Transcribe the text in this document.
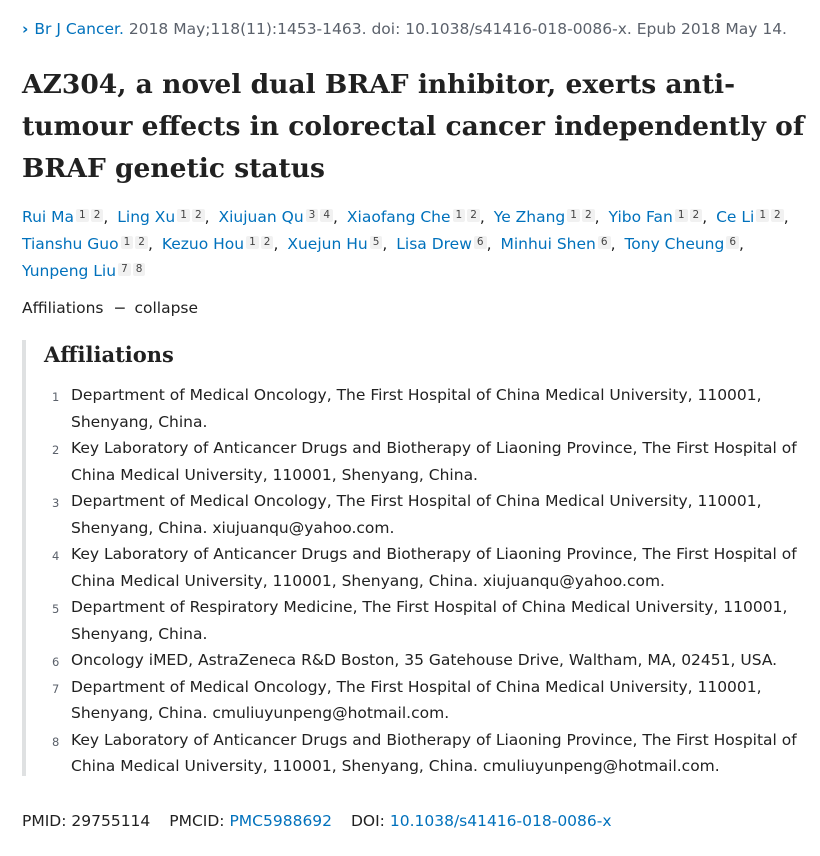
› Br J Cancer. 2018 May;118(11):1453-1463. doi: 10.1038/s41416-018-0086-x. Epub 2018 May 14.
AZ304, a novel dual BRAF inhibitor, exerts anti-tumour effects in colorectal cancer independently of BRAF genetic status
Rui Ma 1 2 , Ling Xu 1 2 , Xiujuan Qu 3 4 , Xiaofang Che 1 2 , Ye Zhang 1 2 , Yibo Fan 1 2 , Ce Li 1 2 , Tianshu Guo 1 2 , Kezuo Hou 1 2 , Xuejun Hu 5 , Lisa Drew 6 , Minhui Shen 6 , Tony Cheung 6 , Yunpeng Liu 7 8
Affiliations − collapse
Affiliations
1 Department of Medical Oncology, The First Hospital of China Medical University, 110001, Shenyang, China.
2 Key Laboratory of Anticancer Drugs and Biotherapy of Liaoning Province, The First Hospital of China Medical University, 110001, Shenyang, China.
3 Department of Medical Oncology, The First Hospital of China Medical University, 110001, Shenyang, China. xiujuanqu@yahoo.com.
4 Key Laboratory of Anticancer Drugs and Biotherapy of Liaoning Province, The First Hospital of China Medical University, 110001, Shenyang, China. xiujuanqu@yahoo.com.
5 Department of Respiratory Medicine, The First Hospital of China Medical University, 110001, Shenyang, China.
6 Oncology iMED, AstraZeneca R&D Boston, 35 Gatehouse Drive, Waltham, MA, 02451, USA.
7 Department of Medical Oncology, The First Hospital of China Medical University, 110001, Shenyang, China. cmuliuyunpeng@hotmail.com.
8 Key Laboratory of Anticancer Drugs and Biotherapy of Liaoning Province, The First Hospital of China Medical University, 110001, Shenyang, China. cmuliuyunpeng@hotmail.com.
PMID: 29755114 PMCID: PMC5988692 DOI: 10.1038/s41416-018-0086-x
